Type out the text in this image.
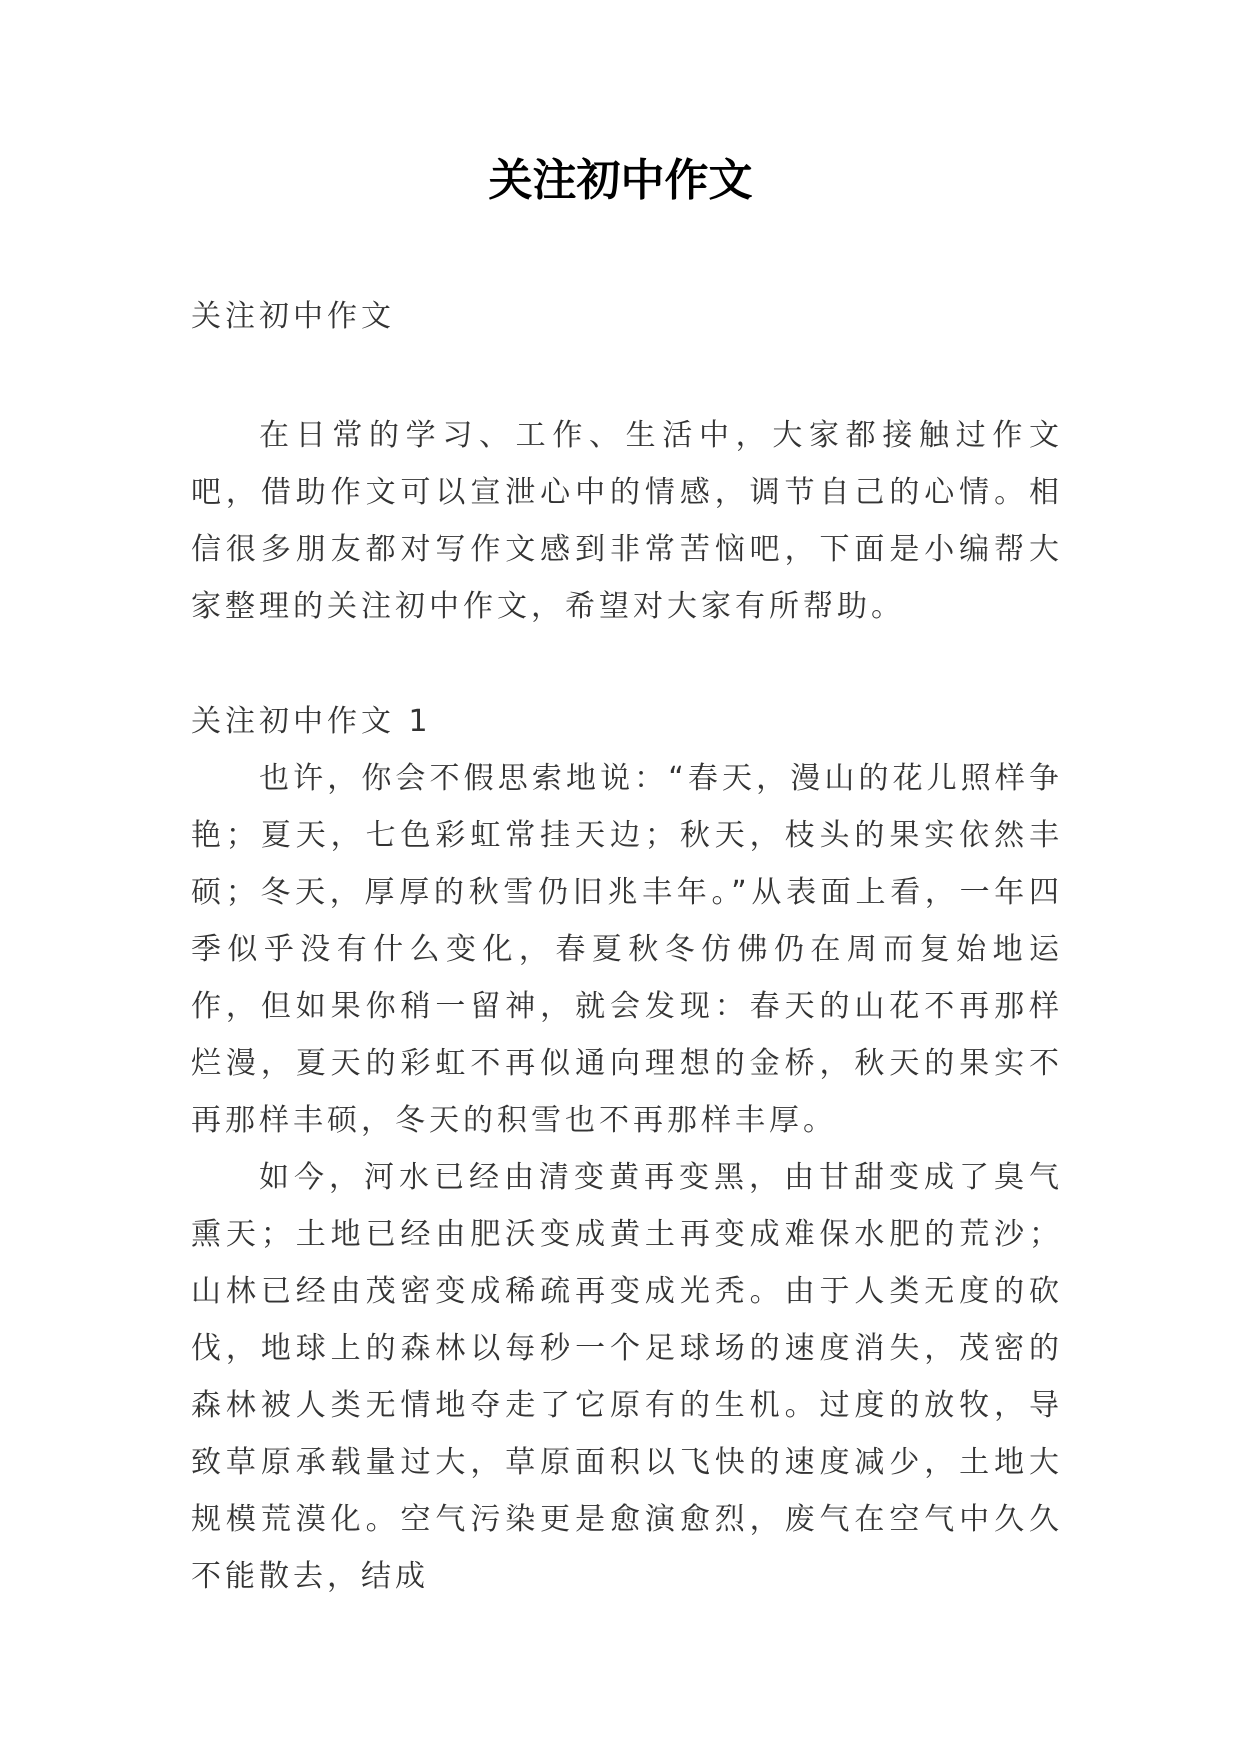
关注初中作文

关注初中作文

在日常的学习、工作、生活中，大家都接触过作文吧，借助作文可以宣泄心中的情感，调节自己的心情。相信很多朋友都对写作文感到非常苦恼吧，下面是小编帮大家整理的关注初中作文，希望对大家有所帮助。

关注初中作文 1

也许，你会不假思索地说：“春天，漫山的花儿照样争艳；夏天，七色彩虹常挂天边；秋天，枝头的果实依然丰硕；冬天，厚厚的秋雪仍旧兆丰年。”从表面上看，一年四季似乎没有什么变化，春夏秋冬仿佛仍在周而复始地运作，但如果你稍一留神，就会发现：春天的山花不再那样烂漫，夏天的彩虹不再似通向理想的金桥，秋天的果实不再那样丰硕，冬天的积雪也不再那样丰厚。

如今，河水已经由清变黄再变黑，由甘甜变成了臭气熏天；土地已经由肥沃变成黄土再变成难保水肥的荒沙；山林已经由茂密变成稀疏再变成光秃。由于人类无度的砍伐，地球上的森林以每秒一个足球场的速度消失，茂密的森林被人类无情地夺走了它原有的生机。过度的放牧，导致草原承载量过大，草原面积以飞快的速度减少，土地大规模荒漠化。空气污染更是愈演愈烈，废气在空气中久久不能散去，结成
